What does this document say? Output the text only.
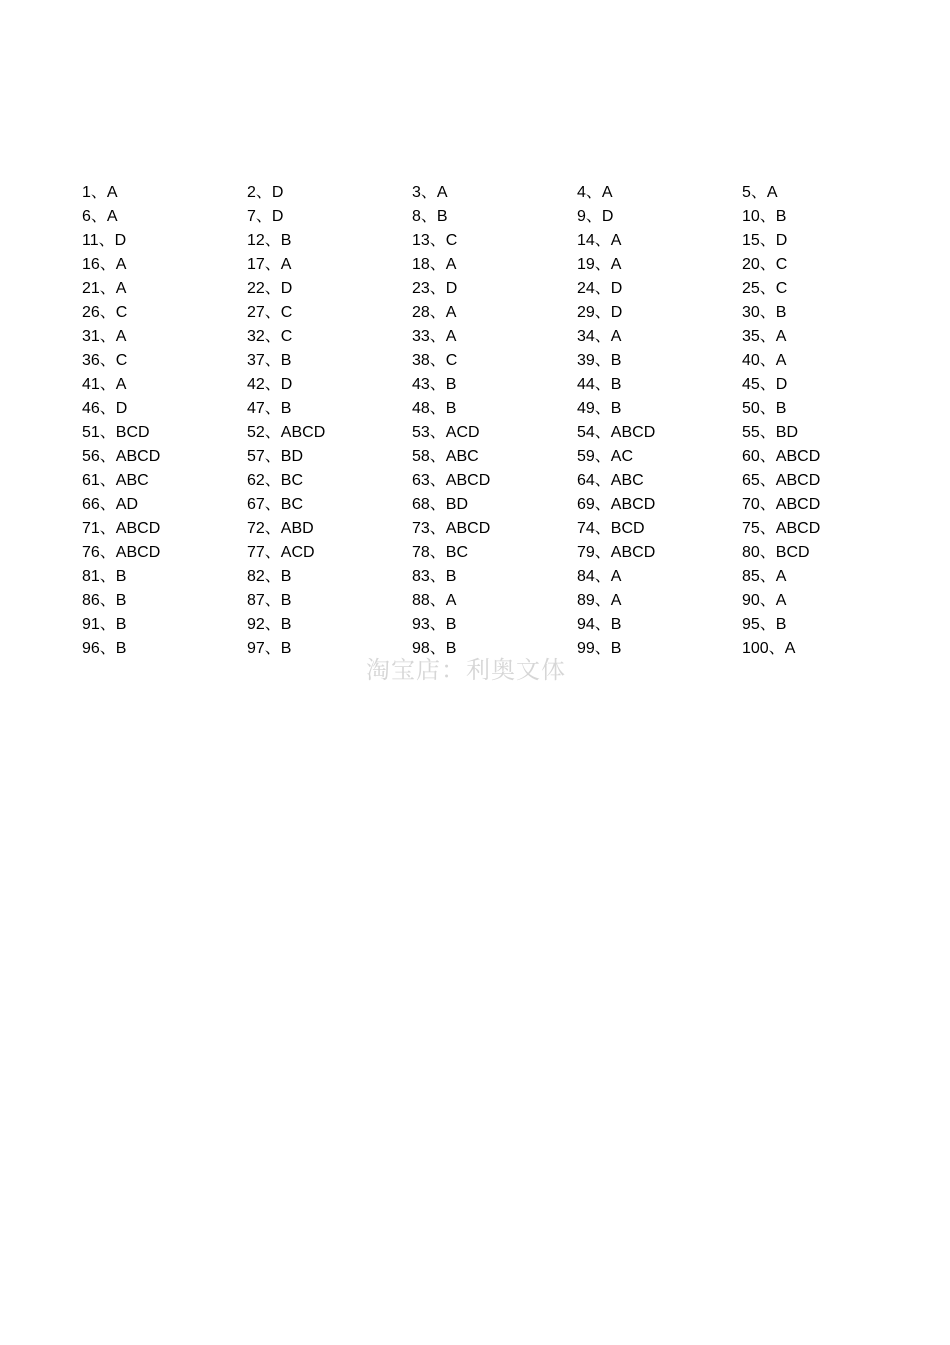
1、A	2、D	3、A	4、A	5、A
6、A	7、D	8、B	9、D	10、B
11、D	12、B	13、C	14、A	15、D
16、A	17、A	18、A	19、A	20、C
21、A	22、D	23、D	24、D	25、C
26、C	27、C	28、A	29、D	30、B
31、A	32、C	33、A	34、A	35、A
36、C	37、B	38、C	39、B	40、A
41、A	42、D	43、B	44、B	45、D
46、D	47、B	48、B	49、B	50、B
51、BCD	52、ABCD	53、ACD	54、ABCD	55、BD
56、ABCD	57、BD	58、ABC	59、AC	60、ABCD
61、ABC	62、BC	63、ABCD	64、ABC	65、ABCD
66、AD	67、BC	68、BD	69、ABCD	70、ABCD
71、ABCD	72、ABD	73、ABCD	74、BCD	75、ABCD
76、ABCD	77、ACD	78、BC	79、ABCD	80、BCD
81、B	82、B	83、B	84、A	85、A
86、B	87、B	88、A	89、A	90、A
91、B	92、B	93、B	94、B	95、B
96、B	97、B	98、B	99、B	100、A
淘宝店：利奥文体
